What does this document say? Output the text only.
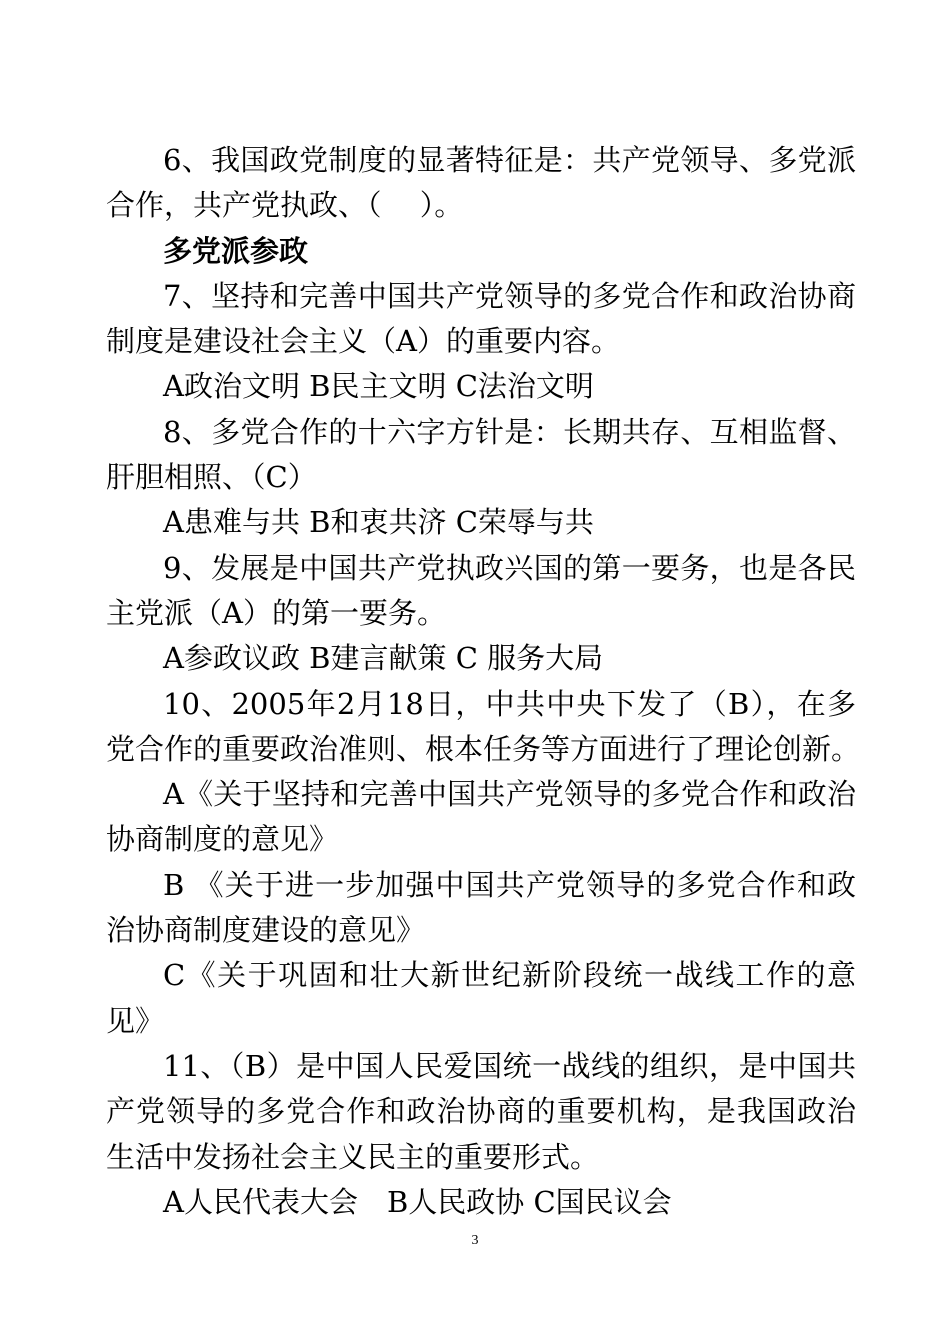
6、我国政党制度的显著特征是：共产党领导、多党派
合作，共产党执政、（　 ）。
多党派参政
7、坚持和完善中国共产党领导的多党合作和政治协商
制度是建设社会主义（A）的重要内容。
A政治文明 B民主文明 C法治文明
8、多党合作的十六字方针是：长期共存、互相监督、
肝胆相照、（C）
A患难与共 B和衷共济 C荣辱与共
9、发展是中国共产党执政兴国的第一要务，也是各民
主党派（A）的第一要务。
A参政议政 B建言献策 C 服务大局
10、2005年2月18日，中共中央下发了（B），在多
党合作的重要政治准则、根本任务等方面进行了理论创新。
A《关于坚持和完善中国共产党领导的多党合作和政治
协商制度的意见》
B 《关于进一步加强中国共产党领导的多党合作和政
治协商制度建设的意见》
C《关于巩固和壮大新世纪新阶段统一战线工作的意
见》
11、（B）是中国人民爱国统一战线的组织，是中国共
产党领导的多党合作和政治协商的重要机构，是我国政治
生活中发扬社会主义民主的重要形式。
A人民代表大会　B人民政协 C国民议会
3
